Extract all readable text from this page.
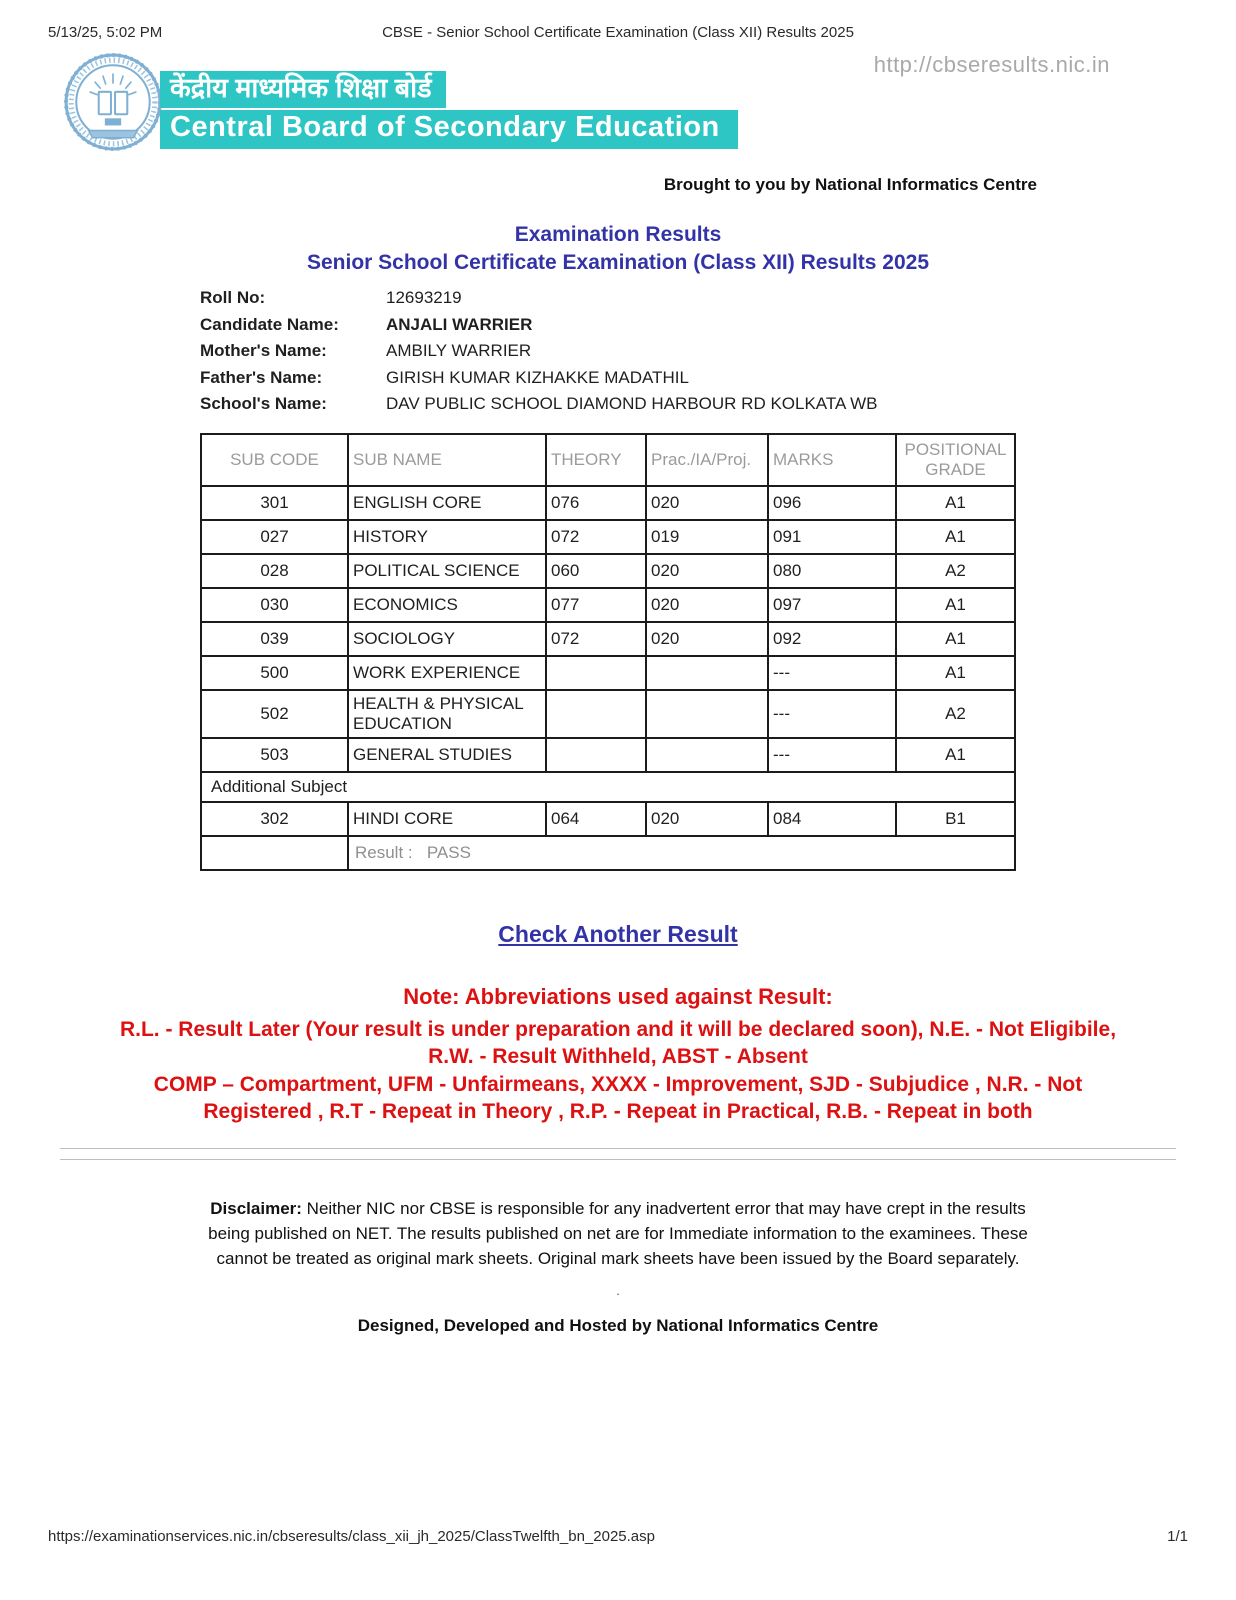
5/13/25, 5:02 PM	CBSE - Senior School Certificate Examination (Class XII) Results 2025
http://cbseresults.nic.in
केंद्रीय माध्यमिक शिक्षा बोर्ड
Central Board of Secondary Education
Brought to you by National Informatics Centre
Examination Results
Senior School Certificate Examination (Class XII) Results 2025
Roll No:	12693219
Candidate Name:	ANJALI WARRIER
Mother's Name:	AMBILY WARRIER
Father's Name:	GIRISH KUMAR KIZHAKKE MADATHIL
School's Name:	DAV PUBLIC SCHOOL DIAMOND HARBOUR RD KOLKATA WB
SUB CODE	SUB NAME	THEORY	Prac./IA/Proj.	MARKS	POSITIONAL GRADE
301	ENGLISH CORE	076	020	096	A1
027	HISTORY	072	019	091	A1
028	POLITICAL SCIENCE	060	020	080	A2
030	ECONOMICS	077	020	097	A1
039	SOCIOLOGY	072	020	092	A1
500	WORK EXPERIENCE			---	A1
502	HEALTH & PHYSICAL EDUCATION			---	A2
503	GENERAL STUDIES			---	A1
Additional Subject					
302	HINDI CORE	064	020	084	B1
	Result :   PASS				
Check Another Result
Note: Abbreviations used against Result:
R.L. - Result Later (Your result is under preparation and it will be declared soon), N.E. - Not Eligibile,
R.W. - Result Withheld, ABST - Absent
COMP – Compartment, UFM - Unfairmeans, XXXX - Improvement, SJD - Subjudice , N.R. - Not
Registered , R.T - Repeat in Theory , R.P. - Repeat in Practical, R.B. - Repeat in both
Disclaimer: Neither NIC nor CBSE is responsible for any inadvertent error that may have crept in the results being published on NET. The results published on net are for Immediate information to the examinees. These cannot be treated as original mark sheets. Original mark sheets have been issued by the Board separately.
.
Designed, Developed and Hosted by National Informatics Centre
https://examinationservices.nic.in/cbseresults/class_xii_jh_2025/ClassTwelfth_bn_2025.asp	1/1
